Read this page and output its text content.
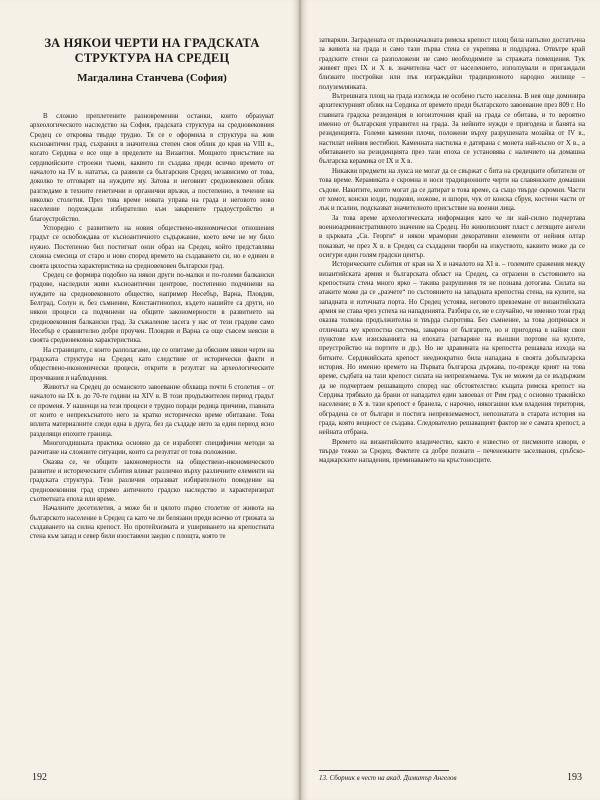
ЗА НЯКОИ ЧЕРТИ НА ГРАДСКАТА
СТРУКТУРА НА СРЕДЕЦ
Магдалина Станчева (София)

В сложно преплетените разновременни останки, които образуват археологическото наследство на София, градската структура на средновековния Средец се откроява твърде трудно. Тя се е оформила в структура на жив късноантичен град, съхранил в значителна степен своя облик до края на VIII в., когато Сердика е все още в пределите на Византия. Мощното присъствие на сердикийските строежи тъкми, каквито ги създава преди всичко времето от началото на IV в. нататък, са развили са българския Средец независимо от това, доколко те отговарят на нуждите му. Затова и неговият средновековен облик разгледаме в техните генетични и органични връзки, а постепенно, в течение на няколко столетия. През това време новата управа на града и неговото ново население подхождали избирателно към заварените градоустройство и благоустройство.

Успоредно с развитието на новия обществено-икономически отношения градът се освобождава от късноантичното съдържание, което вече не му било нужно. Постепенно бил постигнат онзи образ на Средец, който представлява сложна смесица от старо и ново според времето на създаването си, но е единен в своята цялостна характеристика на средновековен български град.

Средец се формира подобно на някои други по-малки и по-големи балкански градове, наследили живи късноантични центрове, постепенно подчинени на нуждите на средновековното общество, например Несебър, Варна, Пловдив, Белград, Солун и, без съмнение, Константинопол, където нашийте са други, но някои процеси са подчинени на общите закономерности в развитието на средновековния балкански град. За съжаление засега у нас от тези градове само Несебър е сравнително добре проучен. Пловдив и Варна са още съвсем неясни в своята средновековна характеристика.

На страниците, с които разполагаме, ще се опитаме да обясним някои черти на градската структура на Средец като следствие от исторически факти и обществено-икономически процеси, открити в резултат на археологическите проучвания и наблюдения.

Животът на Средец до османското завоевание обхваща почти 6 столетия – от началото на IX в. до 70-те години на XIV в. В този продължителен период градът се променя. У нашенци на тези процеси е трудно поради редица причини, главната от които е непрекъснатото него за кратко историческо време обитаване. Това вплита материалните следи една в друга, без да създаде нито за един период ясно разделящи епохите граница.

Многогодишната практика основно да се изработят специфични методи за разчитане на сложните ситуации, които са резултат от това положение.

Оказва се, че общите закономерности на обществено-икономическото развитие и историческите събития вливат различно върху различните елементи на градската структура. Тези различия отразяват избирателното поведение на средновековния град спрямо античното градско наследство и характеризират съответната епоха или време.

Началните десетилетия, а може би и цялото първо столетие от живота на българското население в Средец са като че ли белязани преди всичко от грижата за създаването на силна крепост. Но протейхизмата и ушириването на крепостната стена към запад и север били изоставени заедно с площта, която те

192

затваряли. Заградената от първоначалната римска крепост площ била напълно достатъчна за живота на града и само тази първа стена се укрепява и поддържа. Отвътре край градските стени са разположени не само необходимите за стражата помещения. Тук живеят през IX и X в. значителна част от населението, използували и пригаждали близките постройки или пък изграждайки традиционното народно жилище – полуземлянката.

Вътрешната площ на града изглежда не особено гъсто населена. В нея още доминира архитектурният облик на Сердика от времето преди българското завоевание през 809 г. Но главната градска резиденция в югоизточния край на града се обитава, и то вероятно именно от българския управител на града. За нейните нужди е пригодена и банята на резиденцията. Големи каменни плочи, положени върху разрушената мозайка от IV в., настилат нейния вестибюл. Каменната настилка е датирана с монета най-късно от X в., а обитаването на резиденцията през тази епоха се установява с наличието на домашна българска керамика от IX и X в.

Никакви предмети на лукса не могат да се свържат с бита на средецките обитатели от това време. Керамиката е скромна и носи традиционните черти на славянските домашни съдове. Накитите, които могат да се датират в това време, са също твърде скромни. Части от хомот, конски юзди, подкови, ножове, и шпори, чук от конска сбруя, костени части от лък и псалии, подсказват значителното присъствие на военни лица.

За това време археологическата информация като че ли най-силно подчертава военноадминистративното значение на Средец. Но живописният пласт с летящите ангели в църквата „Св. Георги“ и някои мраморни декоративни елементи от нейния олтар показват, че през X в. в Средец са създадени творби на изкуството, каквито може да се осигури един голям градски център.

Историческите събития от края на X и началото на XI в. – големите сражения между византийската армия и българската област на Средец, са отразени в състоянието на крепостната стена много ярко – такива разрушения тя не познава дотогава. Силата на атаките може да се „разчете“ по състоянието на западната крепостна стена, на кулите, на западната и източната порта. Но Средец устоява, неговото превземане от византийската армия не става чрез успеха на нападенията. Разбира се, не е случайно, че именно този град оказва толкова продължителна и твърда съпротива. Без съмнение, за това допринася и отличната му крепостна система, заварена от българите, но и пригодена в найни свои пунктове към изискванията на епохата (затваряне на външни портове на кулите, преустройство на портите и др.). Но не здравината на крепостта решавала изхода на битките. Сердикийската крепост нееднократно била нападана в своята добълъгарска история. Но именно времето на Първата българска държава, по-прежде крият на това време, съдбата на тази крепост силата на непревземаема. Тук не можем да се въздържим да не подчертаем решаващото според нас обстоятелство: къщата римска крепост на Сердика трябвало да брани от нападател един завоевал от Рим град с основно тракийско население; в X в. тази крепост е бранела, с нарочно, някогашни към владения територия, обградена се от българи и постига непревземаемост, непознатата в старата история на града, която вещност се създава. Следователно решаващият фактор не е самата крепост, а нейната отбрана.

Времето на византийското владичество, както е известно от писмените извори, е твърде тежко за Средец. Фактите са добре познати – печенежките заселвания, сръбско-маджарските нападения, преминаването на кръстоносците.

13. Сборник в чест на акад. Димитър Ангелов	193
